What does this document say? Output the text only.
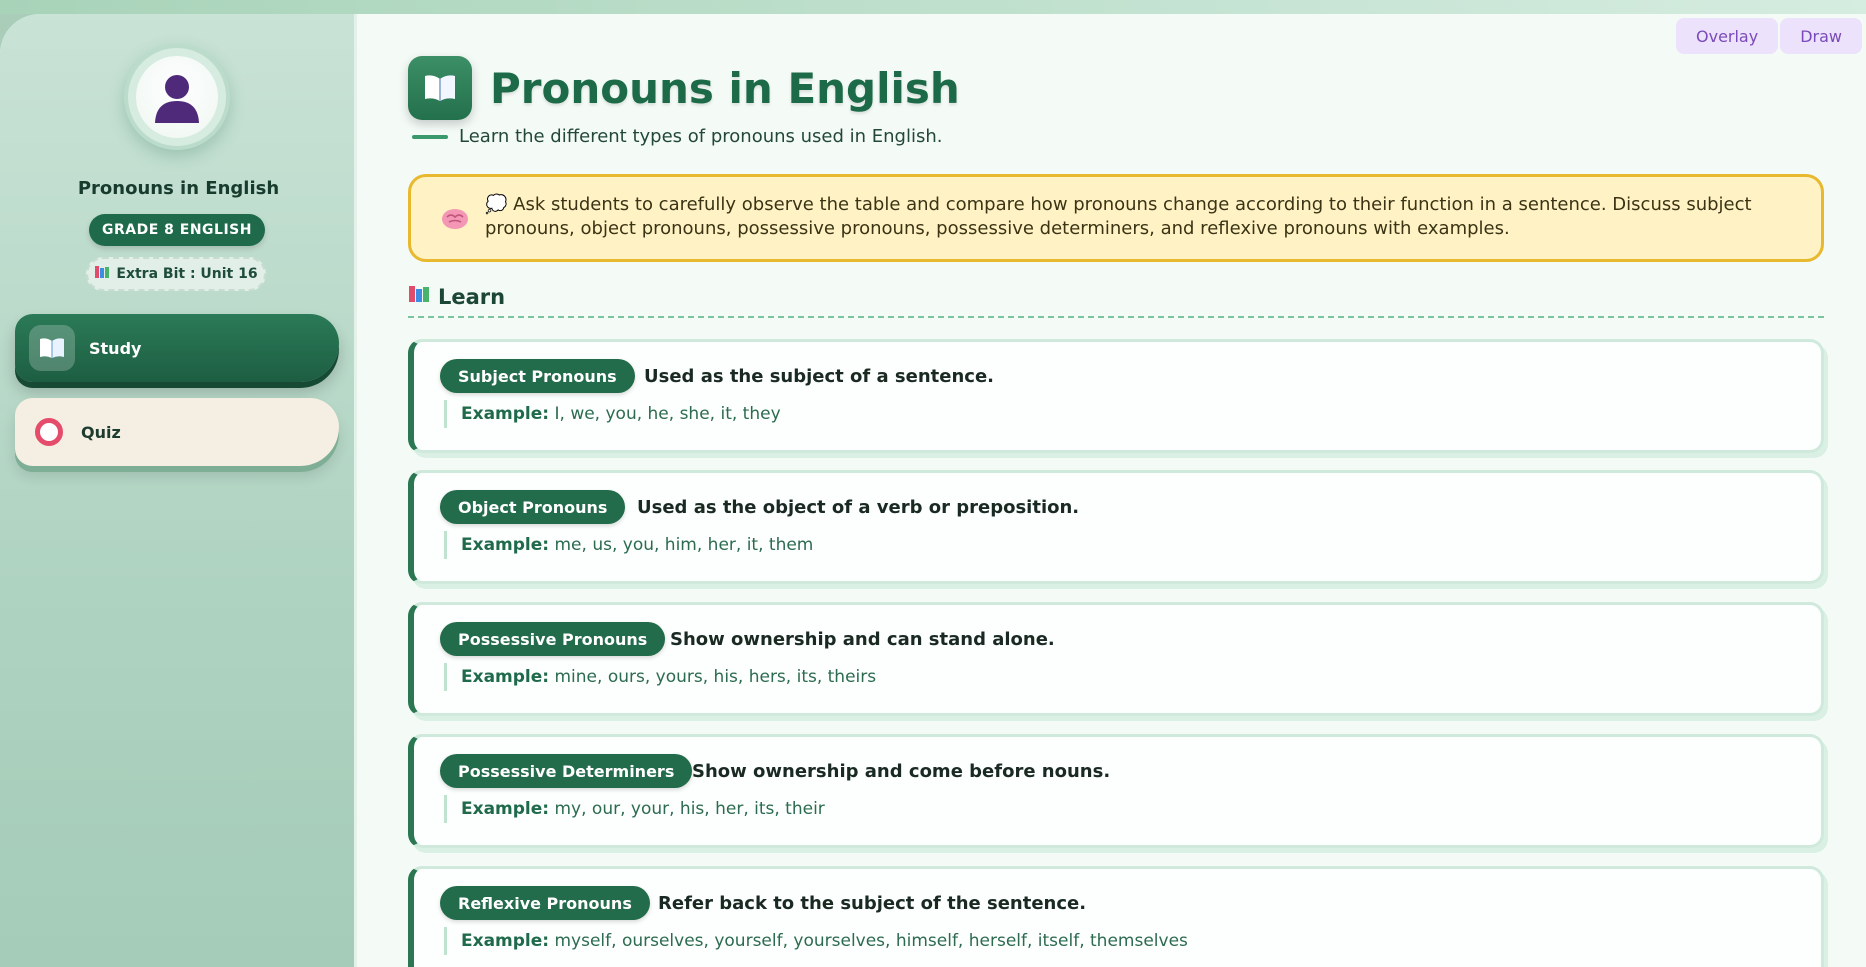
Pronouns in English
GRADE 8 ENGLISH
Extra Bit : Unit 16
Study
Quiz
Pronouns in English
Learn the different types of pronouns used in English.
💭 Ask students to carefully observe the table and compare how pronouns change according to their function in a sentence. Discuss subject pronouns, object pronouns, possessive pronouns, possessive determiners, and reflexive pronouns with examples.
Learn
Subject Pronouns	Used as the subject of a sentence.
Example: I, we, you, he, she, it, they
Object Pronouns	Used as the object of a verb or preposition.
Example: me, us, you, him, her, it, them
Possessive Pronouns	Show ownership and can stand alone.
Example: mine, ours, yours, his, hers, its, theirs
Possessive Determiners Show ownership and come before nouns.
Example: my, our, your, his, her, its, their
Reflexive Pronouns	Refer back to the subject of the sentence.
Example: myself, ourselves, yourself, yourselves, himself, herself, itself, themselves
Overlay	Draw
